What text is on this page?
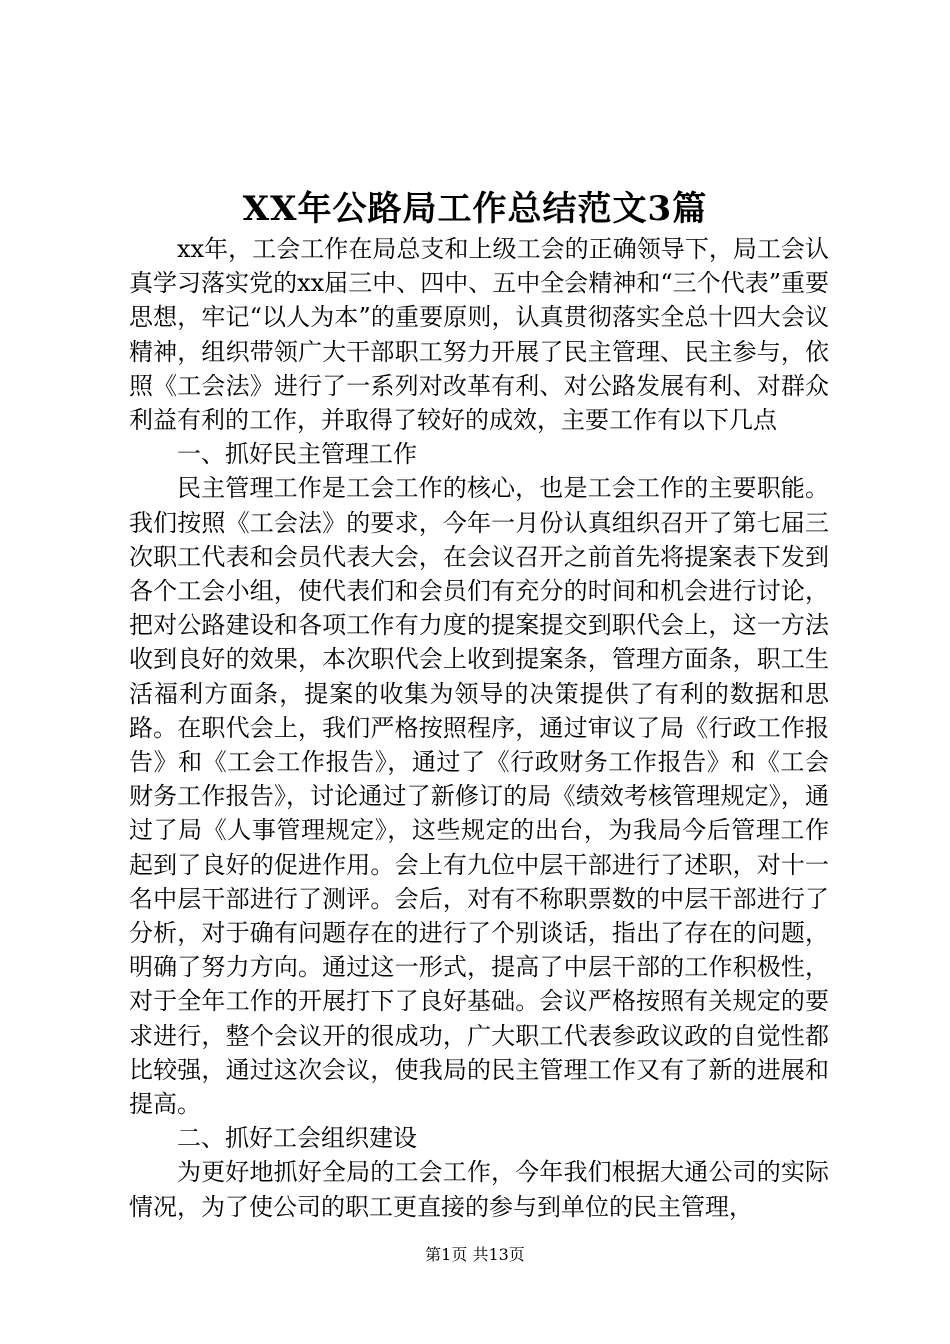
XX年公路局工作总结范文3篇

xx年，工会工作在局总支和上级工会的正确领导下，局工会认真学习落实党的xx届三中、四中、五中全会精神和“三个代表”重要思想，牢记“以人为本”的重要原则，认真贯彻落实全总十四大会议精神，组织带领广大干部职工努力开展了民主管理、民主参与，依照《工会法》进行了一系列对改革有利、对公路发展有利、对群众利益有利的工作，并取得了较好的成效，主要工作有以下几点

一、抓好民主管理工作

民主管理工作是工会工作的核心，也是工会工作的主要职能。我们按照《工会法》的要求，今年一月份认真组织召开了第七届三次职工代表和会员代表大会，在会议召开之前首先将提案表下发到各个工会小组，使代表们和会员们有充分的时间和机会进行讨论，把对公路建设和各项工作有力度的提案提交到职代会上，这一方法收到良好的效果，本次职代会上收到提案条，管理方面条，职工生活福利方面条，提案的收集为领导的决策提供了有利的数据和思路。在职代会上，我们严格按照程序，通过审议了局《行政工作报告》和《工会工作报告》，通过了《行政财务工作报告》和《工会财务工作报告》，讨论通过了新修订的局《绩效考核管理规定》，通过了局《人事管理规定》，这些规定的出台，为我局今后管理工作起到了良好的促进作用。会上有九位中层干部进行了述职，对十一名中层干部进行了测评。会后，对有不称职票数的中层干部进行了分析，对于确有问题存在的进行了个别谈话，指出了存在的问题，明确了努力方向。通过这一形式，提高了中层干部的工作积极性，对于全年工作的开展打下了良好基础。会议严格按照有关规定的要求进行，整个会议开的很成功，广大职工代表参政议政的自觉性都比较强，通过这次会议，使我局的民主管理工作又有了新的进展和提高。

二、抓好工会组织建设

为更好地抓好全局的工会工作，今年我们根据大通公司的实际情况，为了使公司的职工更直接的参与到单位的民主管理，

第1页 共13页
